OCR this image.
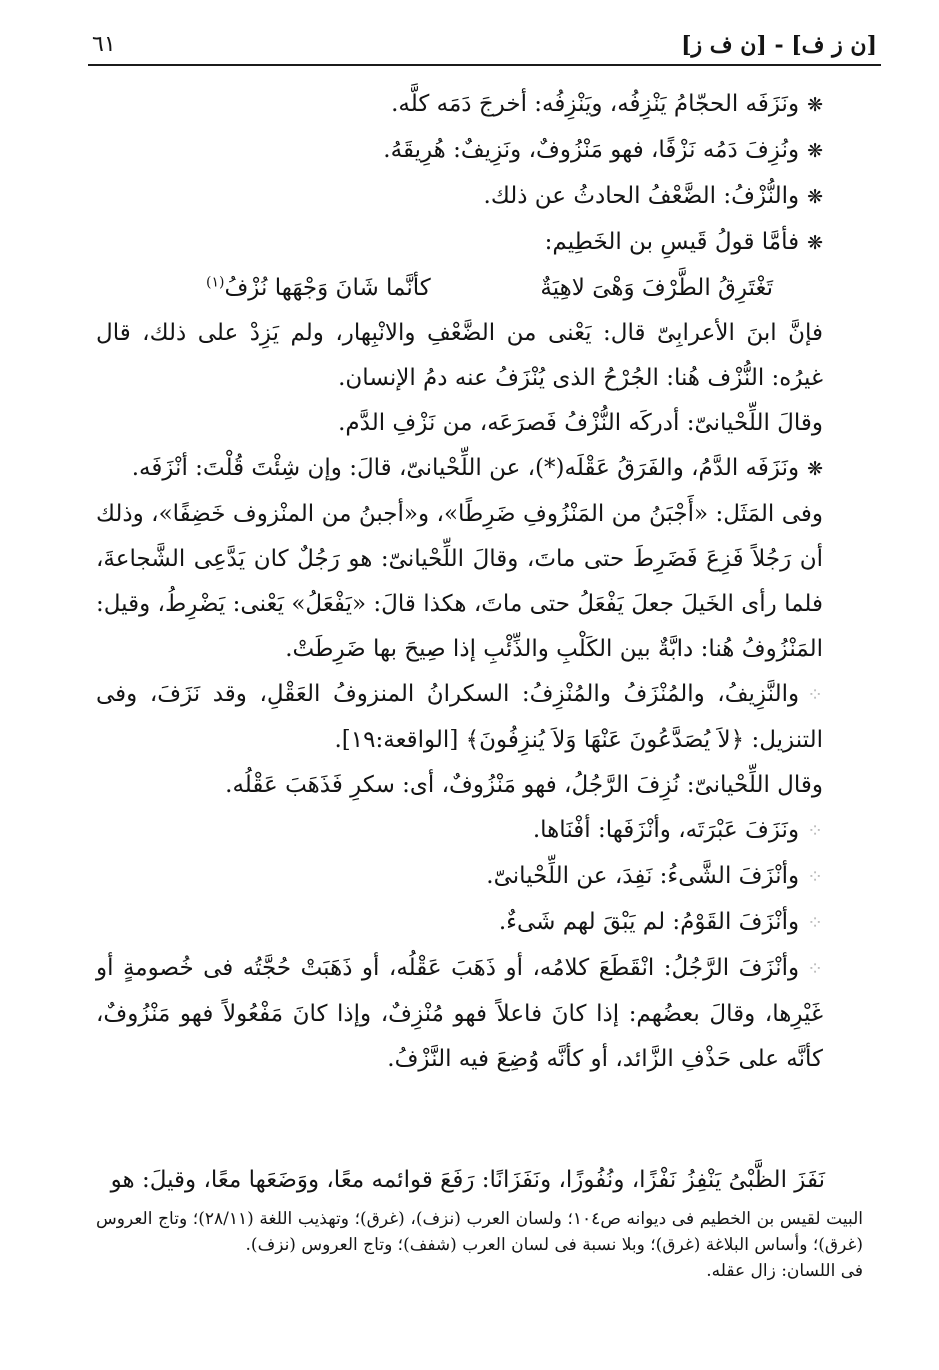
[ن ز ف] - [ن ف ز]
٦١

❋ونَزَفَه الحجّامُ يَنْزِفُه، ويَنْزِفُه: أخرجَ دَمَه كلَّه.

❋ونُزِفَ دَمُه نَزْفًا، فهو مَنْزُوفٌ، ونَزِيفٌ: هُرِيقَهُ.

❋والنُّزْفُ: الضَّعْفُ الحادثُ عن ذلك.

❋فأمَّا قولُ قَيسِ بن الخَطِيم:

تَغْتَرِقُ الطَّرْفَ وَهْىَ لاهِيَةٌ
كأنَّما شَانَ وَجْهَها نُزْفُ$^{(١)}$

فإنَّ ابنَ الأعرابِىّ قال: يَعْنى من الضَّعْفِ والانْبِهار، ولم يَزِدْ على ذلك، قال غيرُه: النُّزْف هُنا: الجُرْحُ الذى يُنْزَفُ عنه دمُ الإنسان.

وقالَ اللِّحْيانىّ: أدركَه النُّزْفُ فَصرَعَه، من نَزْفِ الدَّم.

❋ونَزَفَه الدَّمُ، والفَرَقُ عَقْلَه(*)، عن اللِّحْيانىّ، قالَ: وإن شِئْتَ قُلْتَ: أنْزَفَه.

وفى المَثَل: «أَجْبَنُ من المَنْزُوفِ ضَرِطًا»، و«أجبنُ من المنْزوف خَضِفًا»، وذلك أن رَجُلاً فَزِعَ فَضَرِطَ حتى ماتَ، وقالَ اللِّحْيانىّ: هو رَجُلٌ كان يَدَّعِى الشَّجاعةَ، فلما رأى الخَيلَ جعلَ يَفْعَلُ حتى ماتَ، هكذا قالَ: «يَفْعَلُ» يَعْنى: يَضْرِطُ، وقيل: المَنْزُوفُ هُنا: دابَّةٌ بين الكَلْبِ والذِّئْبِ إذا صِيحَ بها ضَرِطَتْ.

⁘والنَّزِيفُ، والمُنْزَفُ والمُنْزِفُ: السكرانُ المنزوفُ العَقْلِ، وقد نَزَفَ، وفى التنزيل: ﴿لاَ يُصَدَّعُونَ عَنْهَا وَلاَ يُنزِفُونَ﴾ [الواقعة:١٩].

وقال اللِّحْيانىّ: نُزِفَ الرَّجُلُ، فهو مَنْزُوفٌ، أى: سكرِ فَذَهَبَ عَقْلُه.

⁘ونَزَفَ عَبْرَتَه، وأنْزَفَها: أفْنَاها.

⁘وأنْزَفَ الشَّىءُ: نَفِدَ، عن اللِّحْيانىّ.

⁘وأنْزَفَ القَوْمُ: لم يَبْقَ لهم شَىءٌ.

⁘وأنْزَفَ الرَّجُلُ: انْقَطَعَ كلامُه، أو ذَهَبَ عَقْلُه، أو ذَهَبَتْ حُجَّتُه فى خُصومةٍ أو غَيْرِها، وقالَ بعضُهم: إذا كانَ فاعلاً فهو مُنْزِفٌ، وإذا كانَ مَفْعُولاً فهو مَنْزُوفٌ، كأنَّه على حَذْفِ الزَّائد، أو كأنَّه وُضِعَ فيه النَّزْفُ.

نَفَزَ الظَّبْىُ يَنْفِزُ نَفْزًا، ونُفُوزًا، ونَفَزَانًا: رَفَعَ قوائمه معًا، ووَضَعَها معًا، وقيلَ: هو

البيت لقيس بن الخطيم فى ديوانه ص١٠٤؛ ولسان العرب (نزف)، (غرق)؛ وتهذيب اللغة (٢٨/١١)؛ وتاج العروس (غرق)؛ وأساس البلاغة (غرق)؛ وبلا نسبة فى لسان العرب (شفف)؛ وتاج العروس (نزف).

فى اللسان: زال عقله.
